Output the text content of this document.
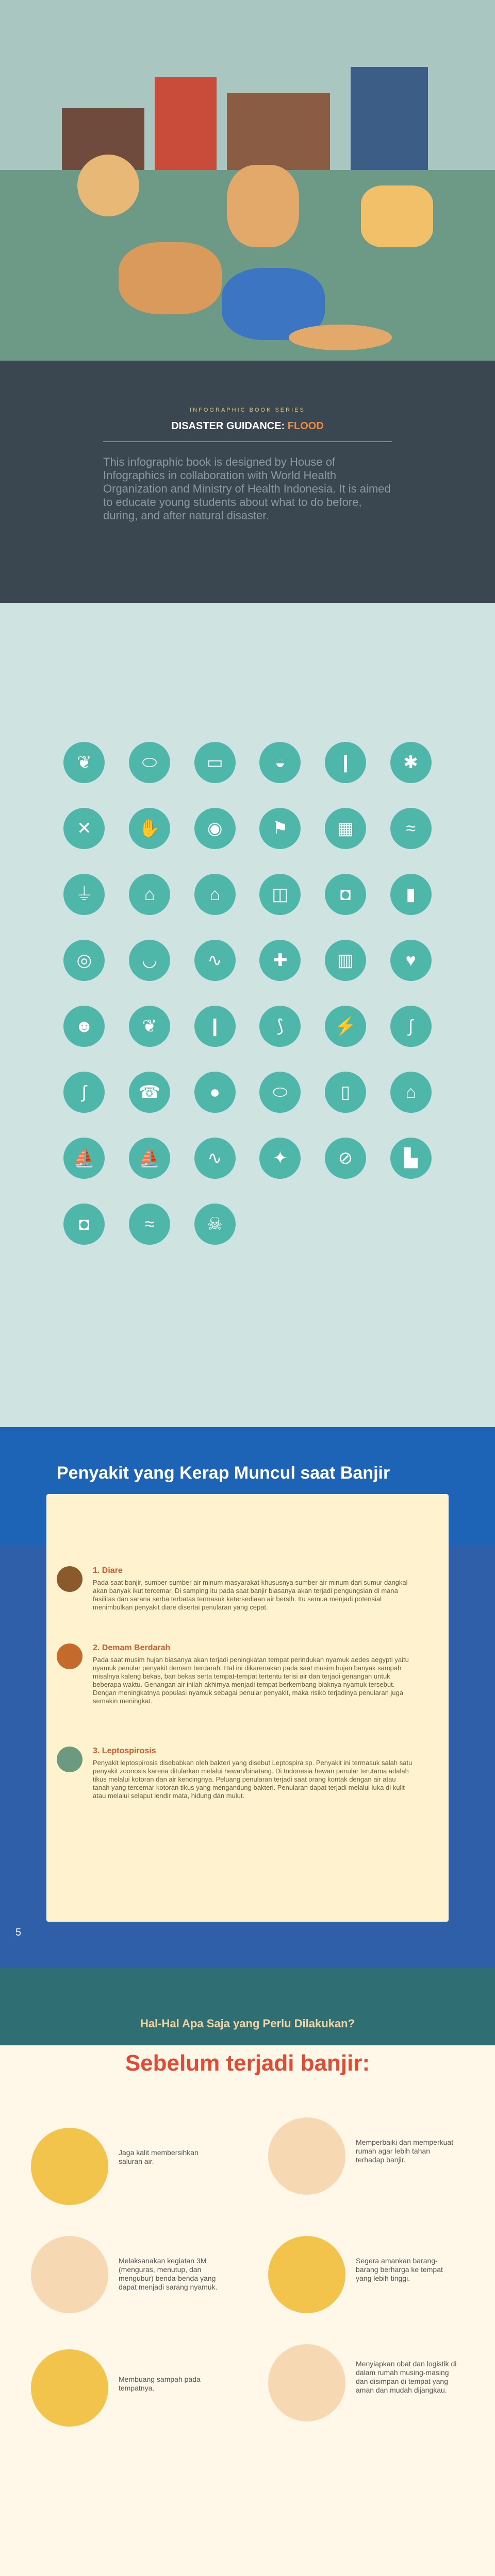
INFOGRAPHIC BOOK SERIES
DISASTER GUIDANCE: FLOOD
This infographic book is designed by House of Infographics in collaboration with World Health Organization and Ministry of Health Indonesia. It is aimed to educate young students about what to do before, during, and after natural disaster.
❦	⬭	▭	◒	❙	✱
✕	✋	◉	⚑	▦	≈
⏚	⌂	⌂	◫	◘	▮
◎	◡	∿	✚	▥	♥
☻	❦	❙	⟆	⚡	∫
∫	☎	●	⬭	▯	⌂
⛵ ⛵	∿	✦	⊘	▙
◘	≈	☠
Penyakit yang Kerap Muncul saat Banjir
1. Diare
Pada saat banjir, sumber-sumber air minum masyarakat khususnya sumber air minum dari sumur dangkal akan banyak ikut tercemar. Di samping itu pada saat banjir biasanya akan terjadi pengungsian di mana fasilitas dan sarana serba terbatas termasuk ketersediaan air bersih. Itu semua menjadi potensial menimbulkan penyakit diare disertai penularan yang cepat.
2. Demam Berdarah
Pada saat musim hujan biasanya akan terjadi peningkatan tempat perindukan nyamuk aedes aegypti yaitu nyamuk penular penyakit demam berdarah. Hal ini dikarenakan pada saat musim hujan banyak sampah misalnya kaleng bekas, ban bekas serta tempat-tempat tertentu terisi air dan terjadi genangan untuk beberapa waktu. Genangan air inilah akhirnya menjadi tempat berkembang biaknya nyamuk tersebut. Dengan meningkatnya populasi nyamuk sebagai penular penyakit, maka risiko terjadinya penularan juga semakin meningkat.
3. Leptospirosis
Penyakit leptospirosis disebabkan oleh bakteri yang disebut Leptospira sp. Penyakit ini termasuk salah satu penyakit zoonosis karena ditularkan melalui hewan/binatang. Di Indonesia hewan penular terutama adalah tikus melalui kotoran dan air kencingnya. Peluang penularan terjadi saat orang kontak dengan air atau tanah yang tercemar kotoran tikus yang mengandung bakteri. Penularan dapat terjadi melalui luka di kulit atau melalui selaput lendir mata, hidung dan mulut.
5
Hal-Hal Apa Saja yang Perlu Dilakukan?
Sebelum terjadi banjir:
Jaga kalit membersihkan saluran air.
Memperbaiki dan memperkuat rumah agar lebih tahan terhadap banjir.
Melaksanakan kegiatan 3M (menguras, menutup, dan mengubur) benda-benda yang dapat menjadi sarang nyamuk.
Segera amankan barang-barang berharga ke tempat yang lebih tinggi.
Membuang sampah pada tempatnya.
Menyiapkan obat dan logistik di dalam rumah musing-masing dan disimpan di tempat yang aman dan mudah dijangkau.
